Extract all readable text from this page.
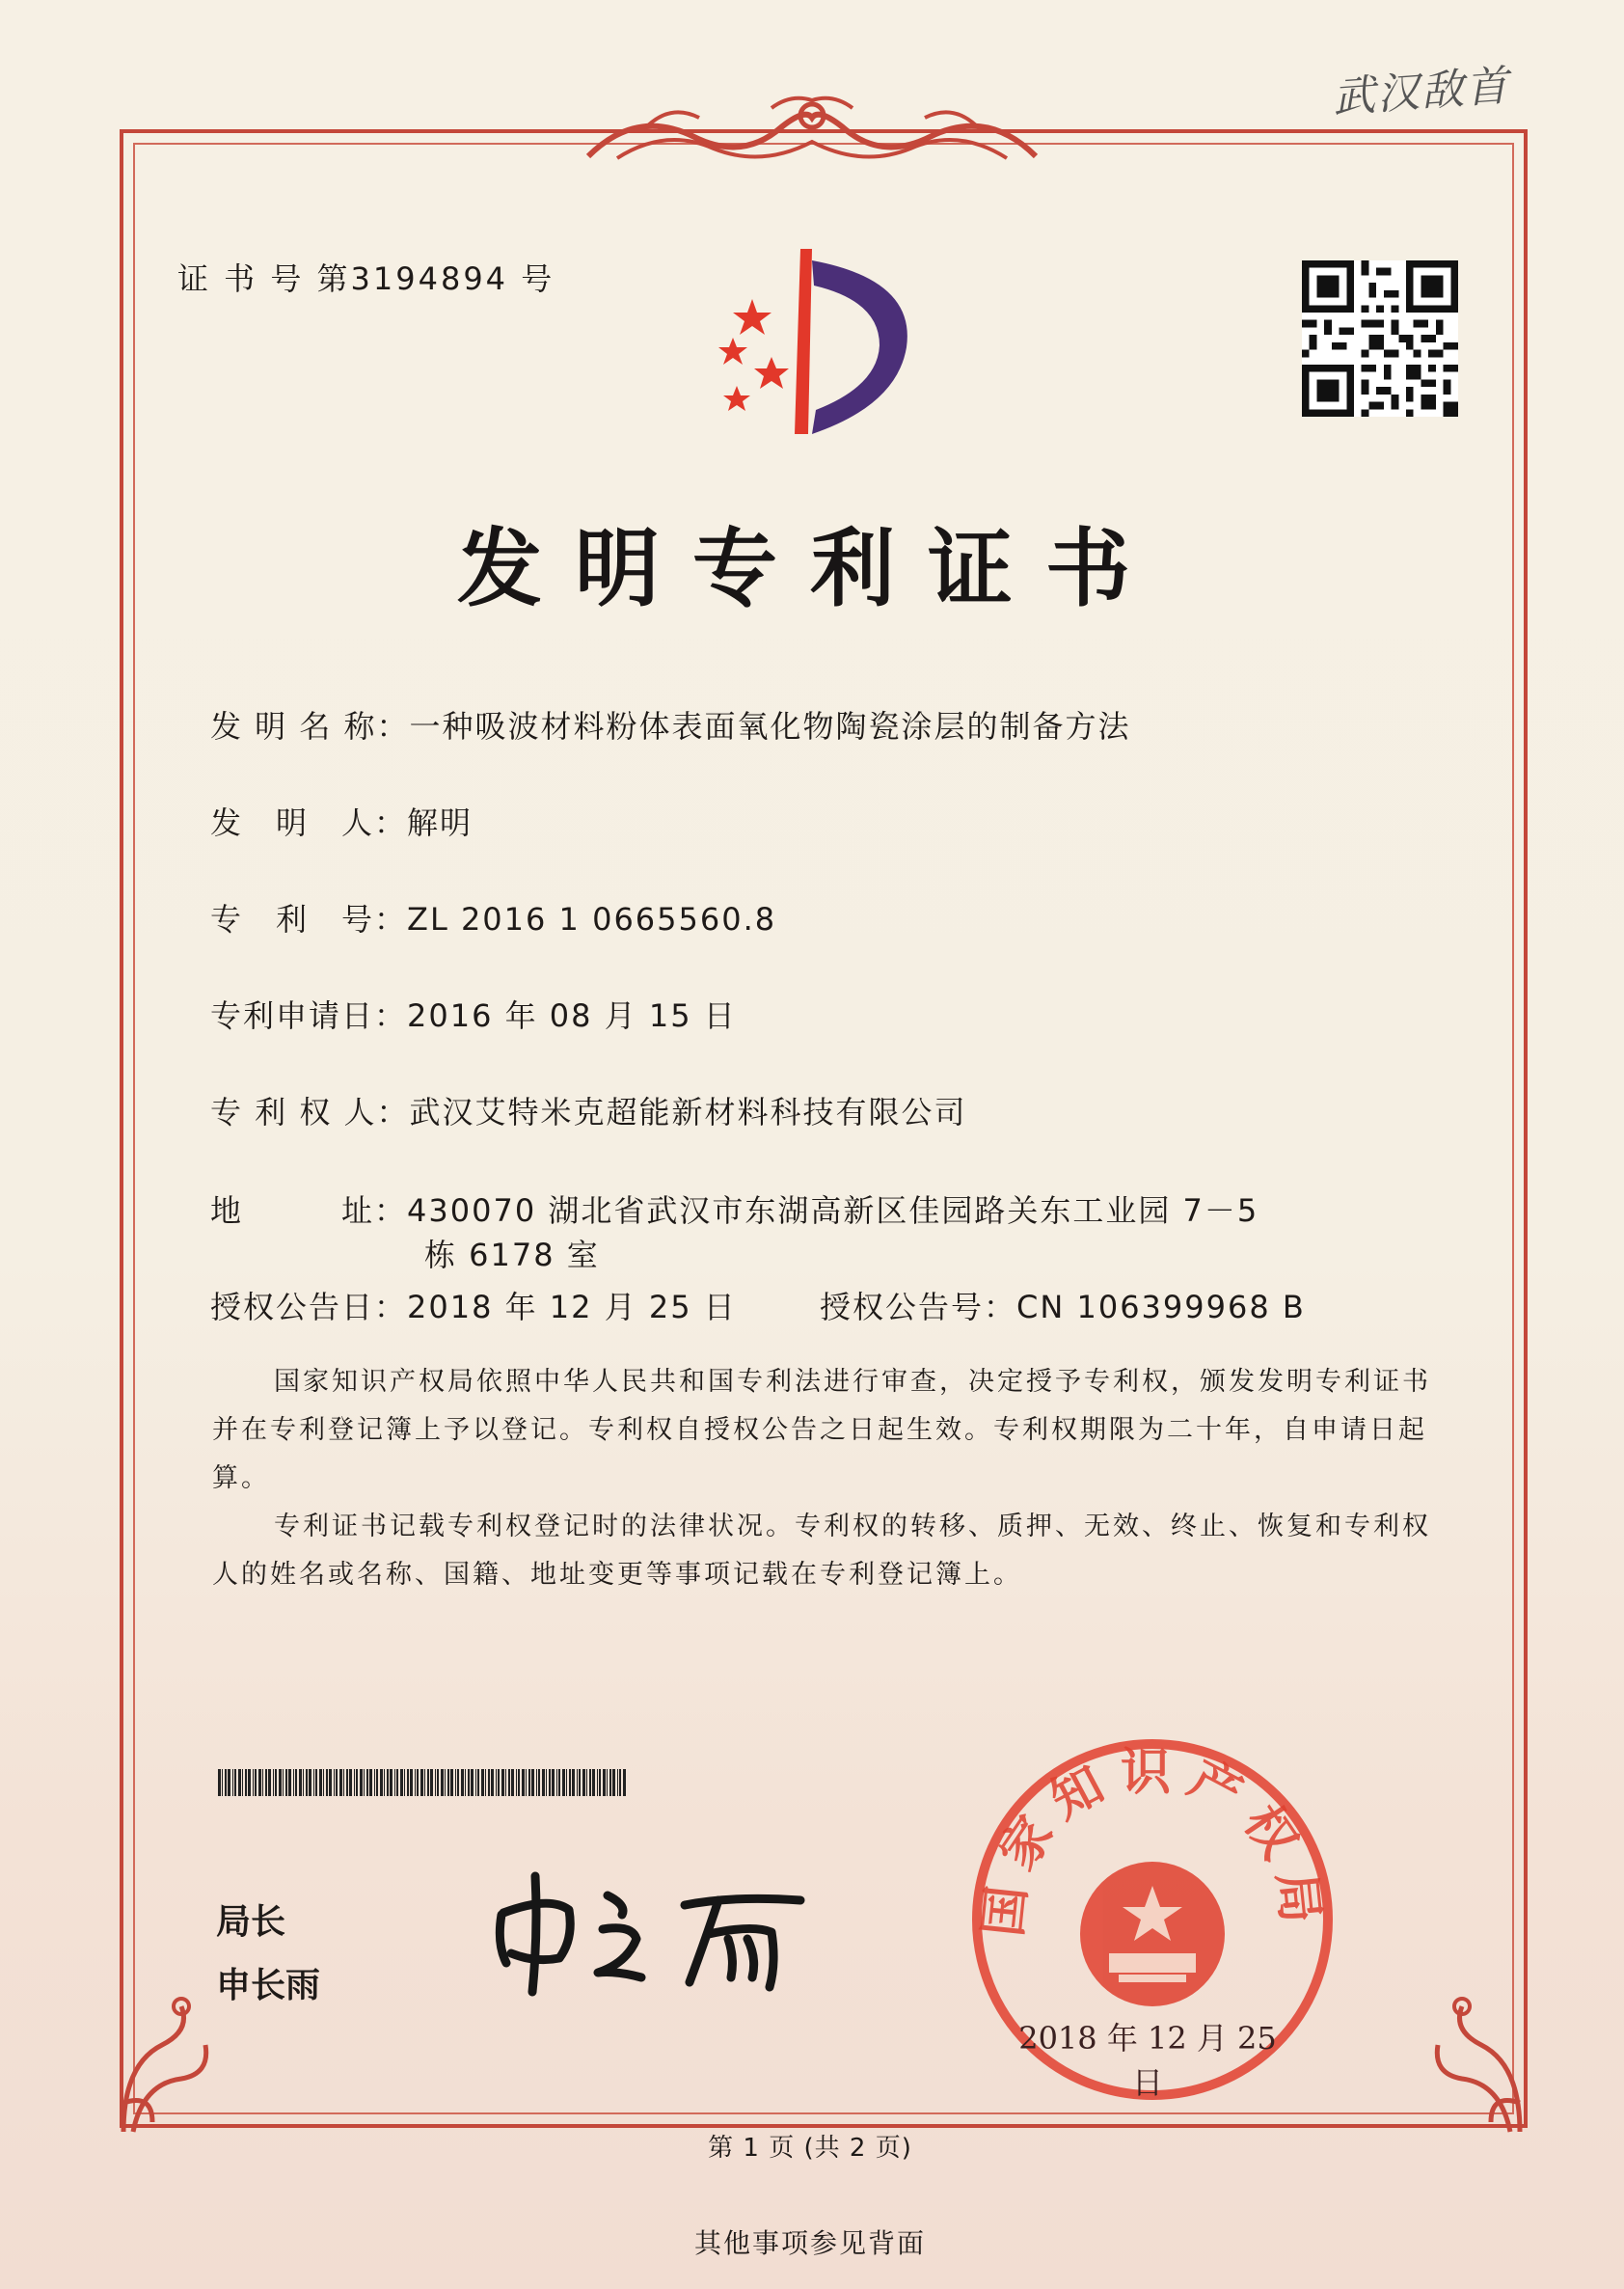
武汉敌首
证 书 号 第3194894 号
发明专利证书
发 明 名 称：一种吸波材料粉体表面氧化物陶瓷涂层的制备方法
发　明　人：解明
专　利　号：ZL 2016 1 0665560.8
专利申请日：2016 年 08 月 15 日
专 利 权 人：武汉艾特米克超能新材料科技有限公司
地　　　址：430070 湖北省武汉市东湖高新区佳园路关东工业园 7－5
栋 6178 室
授权公告日：2018 年 12 月 25 日	授权公告号：CN 106399968 B
国家知识产权局依照中华人民共和国专利法进行审查，决定授予专利权，颁发发明专利证书并在专利登记簿上予以登记。专利权自授权公告之日起生效。专利权期限为二十年，自申请日起算。
专利证书记载专利权登记时的法律状况。专利权的转移、质押、无效、终止、恢复和专利权人的姓名或名称、国籍、地址变更等事项记载在专利登记簿上。
局长
申长雨
国家知识产权局
2018 年 12 月 25 日
第 1 页 (共 2 页)
其他事项参见背面
